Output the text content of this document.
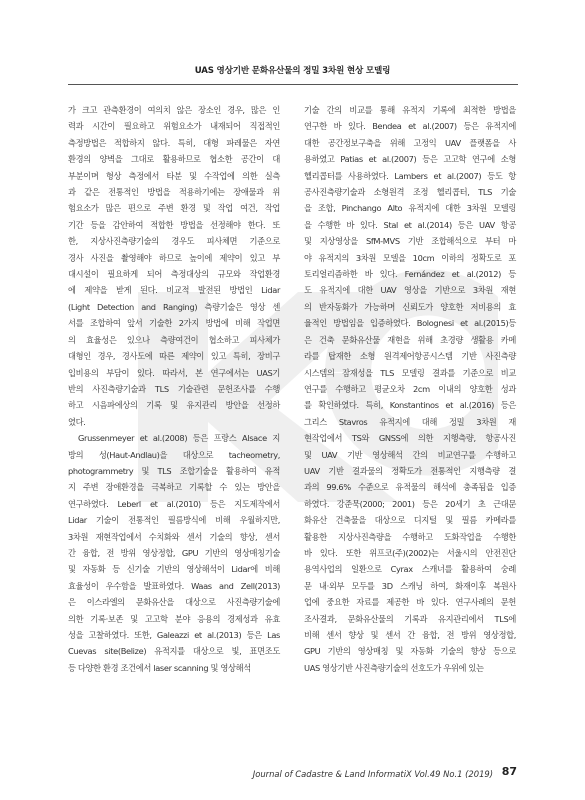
UAS 영상기반 문화유산물의 정밀 3차원 현상 모델링

가 크고 관측환경이 여의치 않은 장소인 경우, 많은 인

력과 시간이 필요하고 위험요소가 내재되어 직접적인

측정방법은 적합하지 않다. 특히, 대형 파레물은 자연

환경의 양벽을 그대로 활용하므로 협소한 공간이 대

부분이며 형상 측정에서 타분 및 수작업에 의한 실측

과 같은 전통적인 방법을 적용하기에는 장애물과 위

험요소가 많은 편으로 주변 환경 및 작업 여건, 작업

기간 등을 감안하여 적합한 방법을 선정해야 한다. 또

한, 지상사진측량기술의 경우도 피사체면 기준으로

경사 사진을 촬영해야 하므로 높이에 제약이 있고 부

대시설이 필요하게 되어 측정대상의 규모와 작업환경

에 제약을 받게 된다. 비교적 발전된 방법인 Lidar

(Light Detection and Ranging) 측량기술은 영상 센

서를 조합하여 앞서 기술한 2가지 방법에 비해 작업면

의 효율성은 있으나 측량여건이 협소하고 피사체가

대형인 경우, 경사도에 따른 제약이 있고 특히, 장비구

입비용의 부담이 있다. 따라서, 본 연구에서는 UAS기

반의 사진측량기술과 TLS 기술관련 문헌조사를 수행

하고 시음파에상의 기록 및 유지관리 방안을 선정하

였다.

Grussenmeyer et al.(2008) 등은 프랑스 Alsace 지

방의 성(Haut-Andlau)을 대상으로 tacheometry,

photogrammetry 및 TLS 조합기술을 활용하여 유적

지 주변 장애환경을 극복하고 기록할 수 있는 방안을

연구하였다. Leberl et al.(2010) 등은 지도제작에서

Lidar 기술이 전통적인 필름방식에 비해 우월하지만,

3차원 재현작업에서 수치화와 센서 기술의 향상, 센서

간 융합, 전 방위 영상정합, GPU 기반의 영상매칭기술

및 자동화 등 신기술 기반의 영상해석이 Lidar에 비해

효율성이 우수함을 발표하였다. Waas and Zell(2013)

은 이스라엘의 문화유산을 대상으로 사진측량기술에

의한 기록·보존 및 고고학 분야 응용의 경제성과 유효

성을 고찰하였다. 또한, Galeazzi et al.(2013) 등은 Las

Cuevas site(Belize) 유적지를 대상으로 빛, 표면조도

등 다양한 환경 조건에서 laser scanning 및 영상해석

기술 간의 비교를 통해 유적지 기록에 최적한 방법을

연구한 바 있다. Bendea et al.(2007) 등은 유적지에

대한 공간정보구축을 위해 고정익 UAV 플랫폼을 사

용하였고 Patias et al.(2007) 등은 고고학 연구에 소형

헬리콥터를 사용하였다. Lambers et al.(2007) 등도 항

공사진측량기술과 소형원격 조정 헬리콥터, TLS 기술

을 조합, Pinchango Alto 유적지에 대한 3차원 모델링

을 수행한 바 있다. Stal et al.(2014) 등은 UAV 항공

및 지상영상을 SfM-MVS 기반 조합해석으로 부터 마

야 유적지의 3차원 모델을 10cm 이하의 정확도로 포

토리얼리즘하한 바 있다. Fernández et al.(2012) 등

도 유적지에 대한 UAV 영상을 기반으로 3차원 재현

의 반자동화가 가능하며 신뢰도가 양호한 저비용의 효

율적인 방법임을 입증하였다. Bolognesi et al.(2015)등

은 건축 문화유산물 재현을 위해 초경량 생활용 카메

라를 탑재한 소형 원격제어항공시스템 기반 사진측량

시스템의 잠재성을 TLS 모델링 결과를 기준으로 비교

연구를 수행하고 평균오차 2cm 이내의 양호한 성과

를 확인하였다. 특히, Konstantinos et al.(2016) 등은

그리스 Stavros 유적지에 대해 정밀 3차원 재

현작업에서 TS와 GNSS에 의한 지행측량, 항공사진

및 UAV 기반 영상해석 간의 비교연구를 수행하고

UAV 기반 결과물의 정확도가 전통적인 지행측량 결

과의 99.6% 수준으로 유적물의 해석에 충족됨을 입증

하였다. 강준묵(2000; 2001) 등은 20세기 초 근대문

화유산 건축물을 대상으로 디지털 및 필름 카메라를

활용한 지상사진측량을 수행하고 도화작업을 수행한

바 있다. 또한 위프코(주)(2002)는 서울시의 안전진단

용역사업의 일환으로 Cyrax 스캐너를 활용하여 숭례

문 내·외부 모두를 3D 스캐닝 하여, 화재이후 복원사

업에 중요한 자료를 제공한 바 있다. 연구사례의 문헌

조사결과, 문화유산물의 기록과 유지관리에서 TLS에

비해 센서 향상 및 센서 간 융합, 전 방위 영상정합,

GPU 기반의 영상매칭 및 자동화 기술의 향상 등으로

UAS 영상기반 사진측량기술의 선호도가 우위에 있는

Journal of Cadastre & Land InformatiX Vol.49 No.1 (2019) 87
